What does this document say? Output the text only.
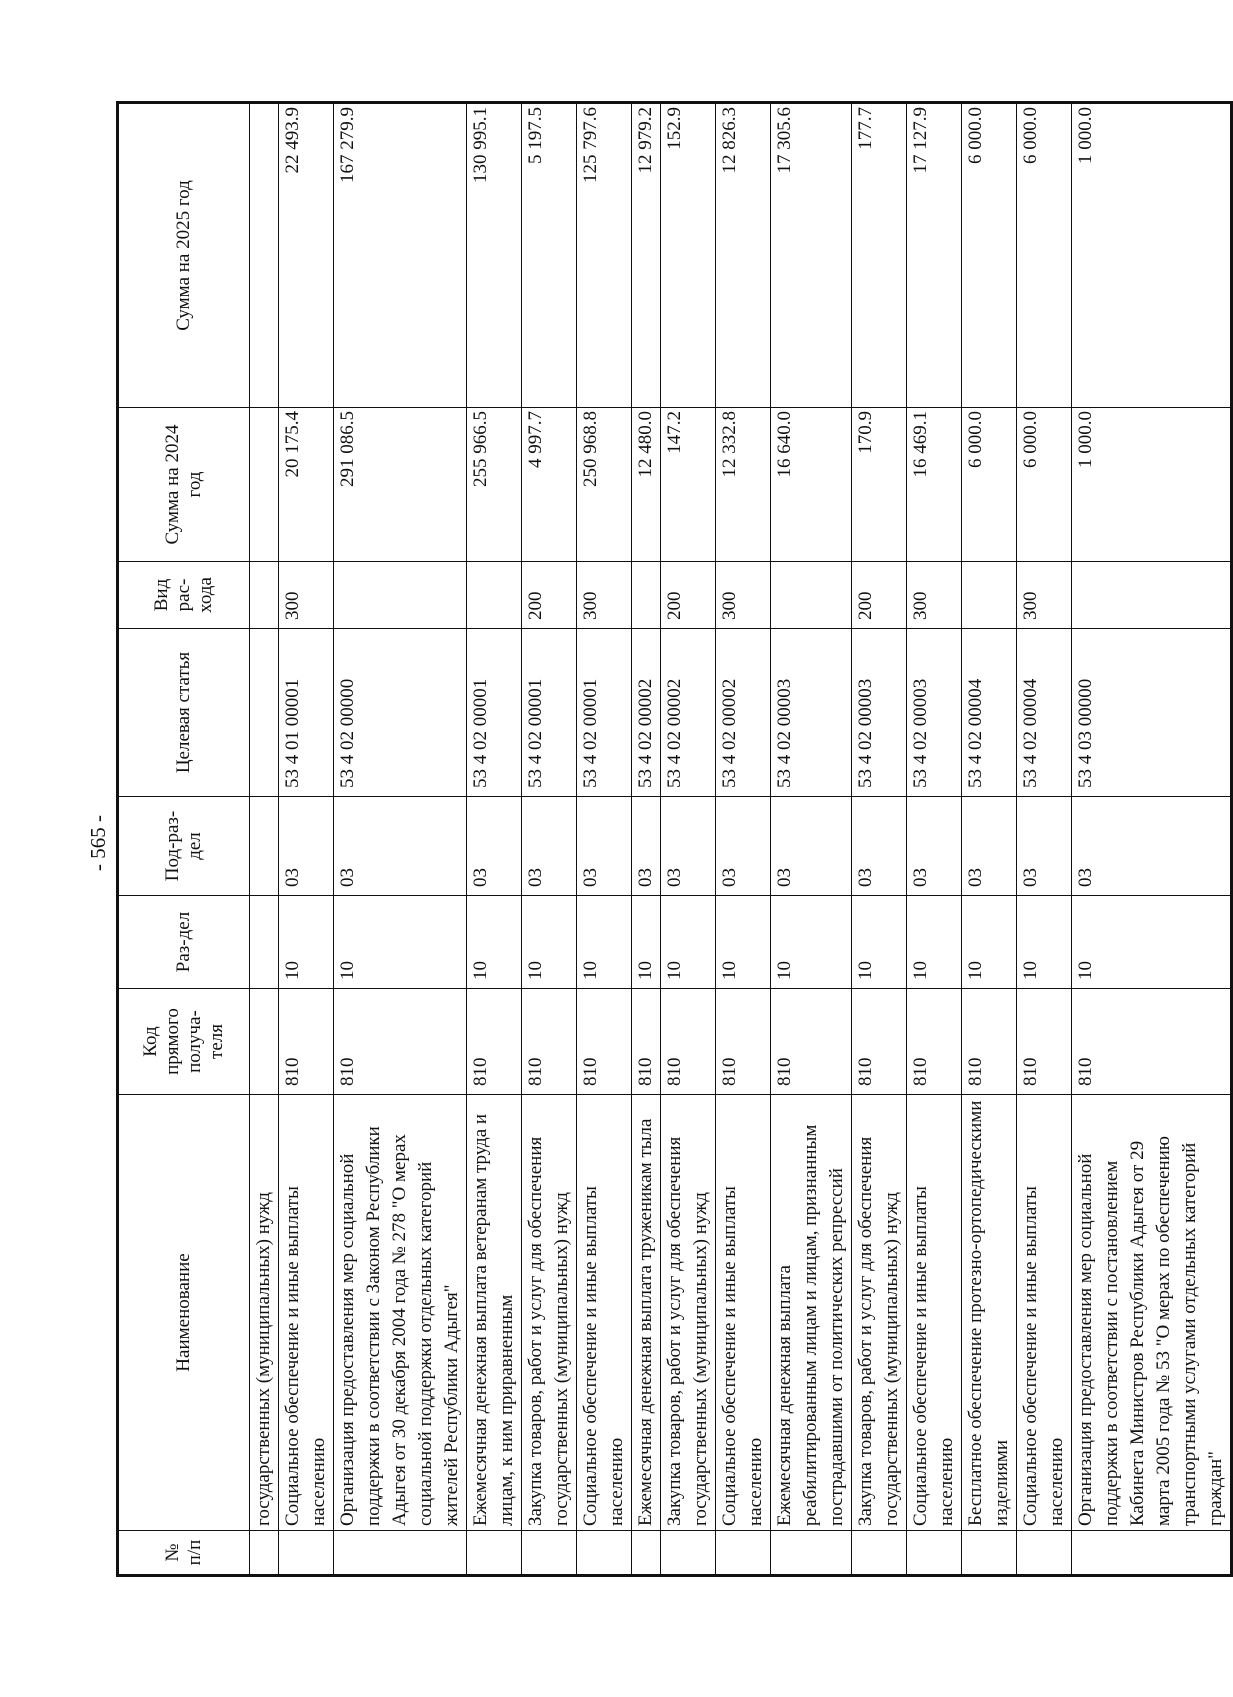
- 565 -
№ п/п	Наименование	Код прямого получа-теля	Раз-дел	Под-раз-дел	Целевая статья	Вид рас-хода	Сумма на 2024 год	Сумма на 2025 год
	государственных (муниципальных) нужд							
	Социальное обеспечение и иные выплаты населению	810	10	03	53 4 01 00001	300	20 175.4	22 493.9
	Организация предоставления мер социальной поддержки в соответствии с Законом Республики Адыгея от 30 декабря 2004 года № 278 "О мерах социальной поддержки отдельных категорий жителей Республики Адыгея"	810	10	03	53 4 02 00000		291 086.5	167 279.9
	Ежемесячная денежная выплата ветеранам труда и лицам, к ним приравненным	810	10	03	53 4 02 00001		255 966.5	130 995.1
	Закупка товаров, работ и услуг для обеспечения государственных (муниципальных) нужд	810	10	03	53 4 02 00001	200	4 997.7	5 197.5
	Социальное обеспечение и иные выплаты населению	810	10	03	53 4 02 00001	300	250 968.8	125 797.6
	Ежемесячная денежная выплата труженикам тыла	810	10	03	53 4 02 00002		12 480.0	12 979.2
	Закупка товаров, работ и услуг для обеспечения государственных (муниципальных) нужд	810	10	03	53 4 02 00002	200	147.2	152.9
	Социальное обеспечение и иные выплаты населению	810	10	03	53 4 02 00002	300	12 332.8	12 826.3
	Ежемесячная денежная выплата реабилитированным лицам и лицам, признанным пострадавшими от политических репрессий	810	10	03	53 4 02 00003		16 640.0	17 305.6
	Закупка товаров, работ и услуг для обеспечения государственных (муниципальных) нужд	810	10	03	53 4 02 00003	200	170.9	177.7
	Социальное обеспечение и иные выплаты населению	810	10	03	53 4 02 00003	300	16 469.1	17 127.9
	Бесплатное обеспечение протезно-ортопедическими изделиями	810	10	03	53 4 02 00004		6 000.0	6 000.0
	Социальное обеспечение и иные выплаты населению	810	10	03	53 4 02 00004	300	6 000.0	6 000.0
	Организация предоставления мер социальной поддержки в соответствии с постановлением Кабинета Министров Республики Адыгея от 29 марта 2005 года № 53 "О мерах по обеспечению транспортными услугами отдельных категорий граждан"	810	10	03	53 4 03 00000		1 000.0	1 000.0
